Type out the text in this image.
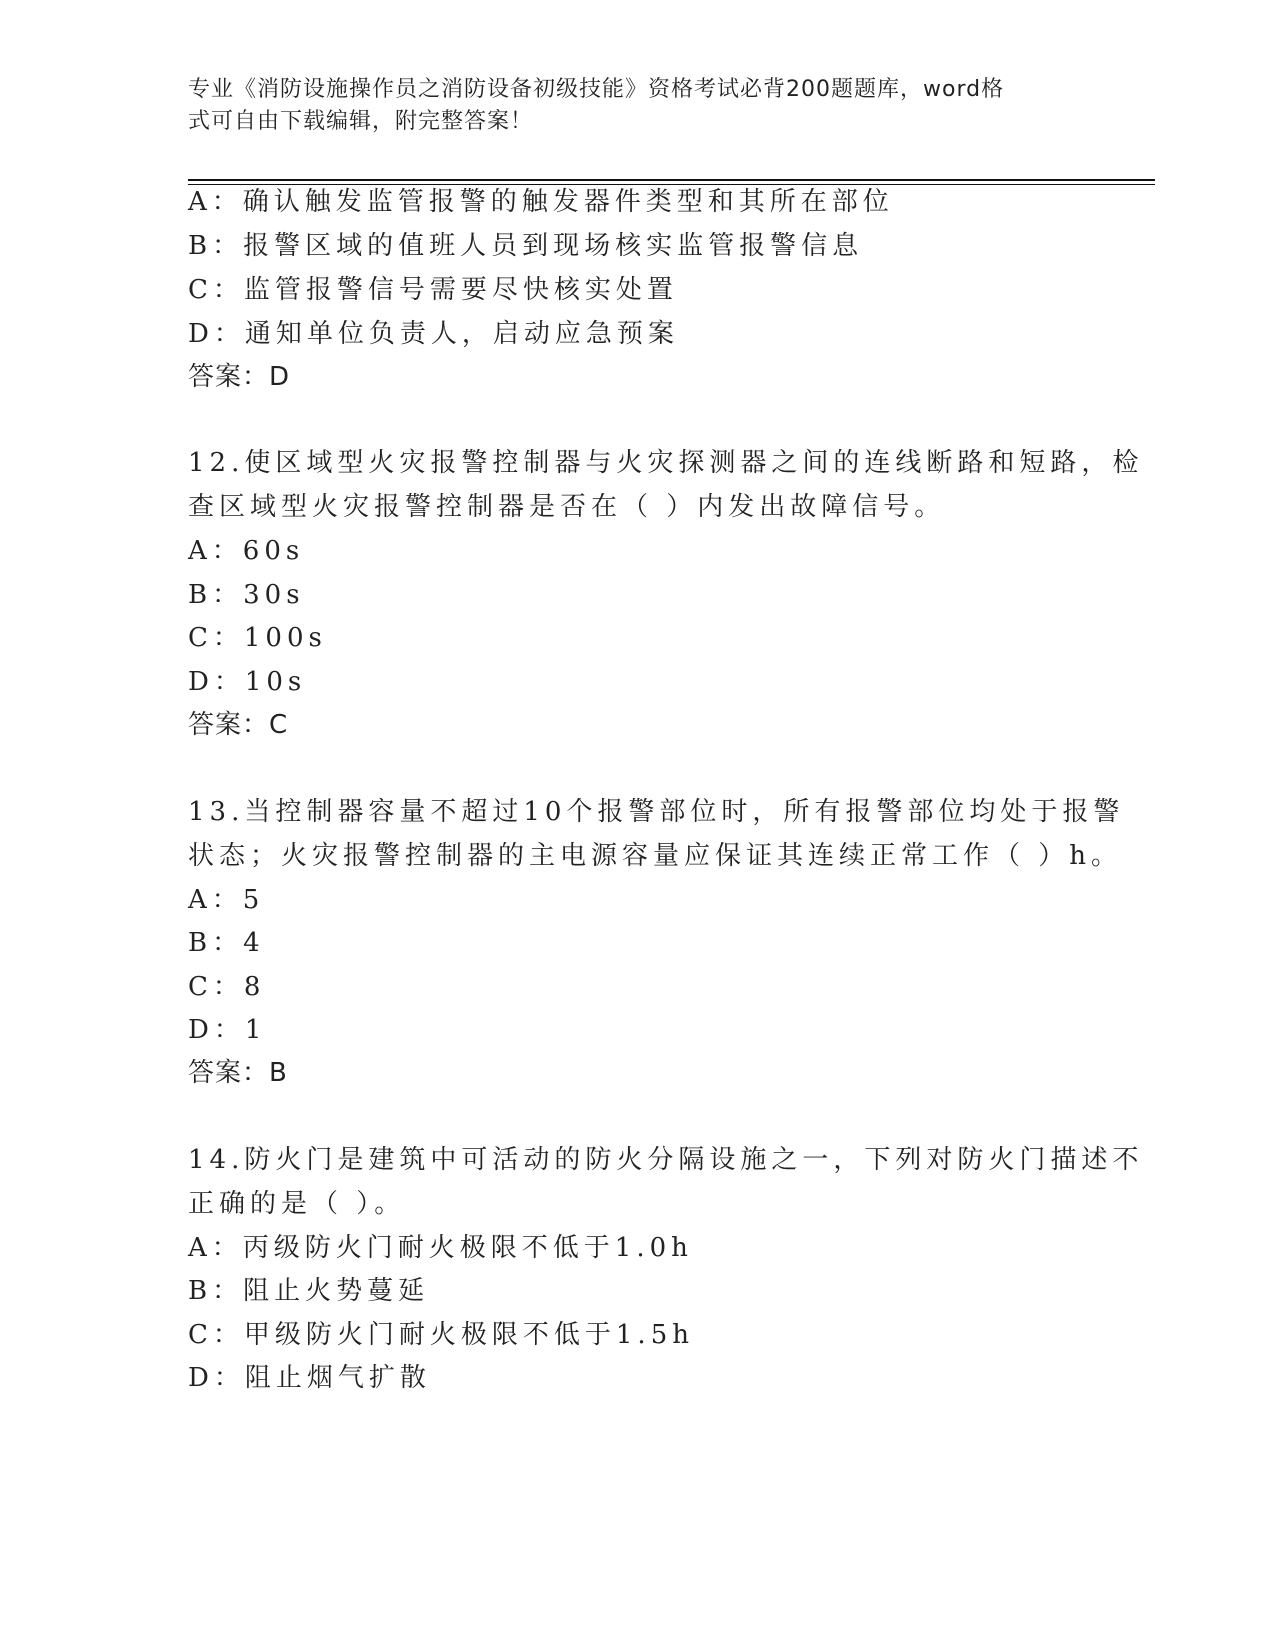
专业《消防设施操作员之消防设备初级技能》资格考试必背200题题库，word格
式可自由下载编辑，附完整答案！
A：确认触发监管报警的触发器件类型和其所在部位
B：报警区域的值班人员到现场核实监管报警信息
C：监管报警信号需要尽快核实处置
D：通知单位负责人，启动应急预案
答案：D
12.使区域型火灾报警控制器与火灾探测器之间的连线断路和短路，检
查区域型火灾报警控制器是否在（ ）内发出故障信号。
A：60s
B：30s
C：100s
D：10s
答案：C
13.当控制器容量不超过10个报警部位时，所有报警部位均处于报警
状态；火灾报警控制器的主电源容量应保证其连续正常工作（ ）h。
A：5
B：4
C：8
D：1
答案：B
14.防火门是建筑中可活动的防火分隔设施之一，下列对防火门描述不
正确的是（ ）。
A：丙级防火门耐火极限不低于1.0h
B：阻止火势蔓延
C：甲级防火门耐火极限不低于1.5h
D：阻止烟气扩散
